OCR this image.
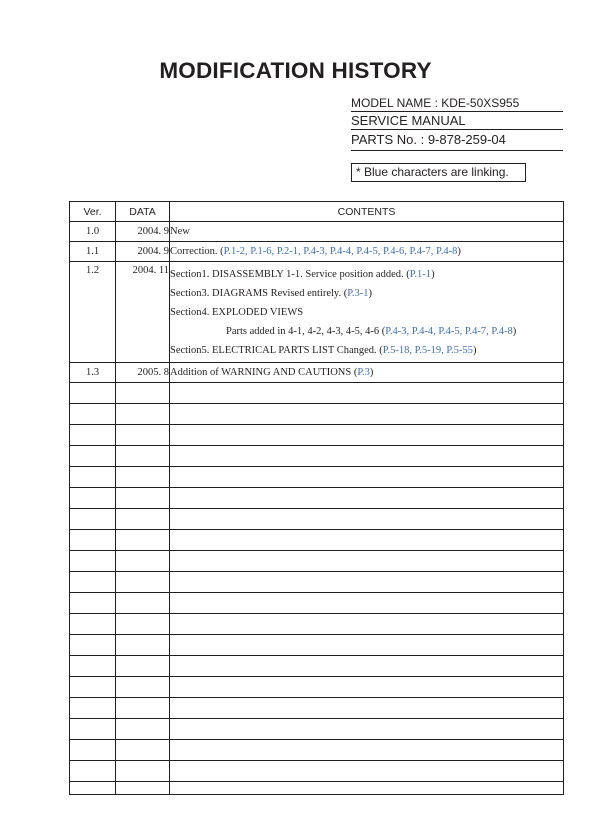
MODIFICATION HISTORY
MODEL NAME : KDE-50XS955
SERVICE MANUAL
PARTS No. : 9-878-259-04
* Blue characters are linking.
Ver.	DATA	CONTENTS
1.0	2004. 9	New

1.1	2004. 9	Correction. (P.1-2, P.1-6, P.2-1, P.4-3, P.4-4, P.4-5, P.4-6, P.4-7, P.4-8)

1.2	2004. 11	Section1. DISASSEMBLY 1-1. Service position added. (P.1-1)
Section3. DIAGRAMS Revised entirely. (P.3-1)
Section4. EXPLODED VIEWS
Parts added in 4-1, 4-2, 4-3, 4-5, 4-6 (P.4-3, P.4-4, P.4-5, P.4-7, P.4-8)
Section5. ELECTRICAL PARTS LIST Changed. (P.5-18, P.5-19, P.5-55)

1.3	2005. 8	Addition of WARNING AND CAUTIONS (P.3)
